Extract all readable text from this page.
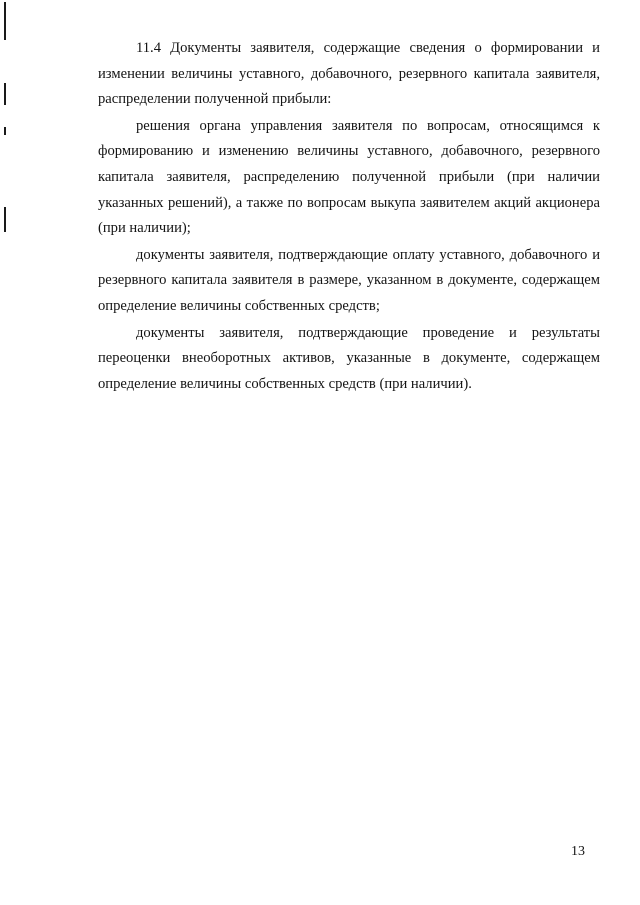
11.4 Документы заявителя, содержащие сведения о формировании и изменении величины уставного, добавочного, резервного капитала заявителя, распределении полученной прибыли:

решения органа управления заявителя по вопросам, относящимся к формированию и изменению величины уставного, добавочного, резервного капитала заявителя, распределению полученной прибыли (при наличии указанных решений), а также по вопросам выкупа заявителем акций акционера (при наличии);

документы заявителя, подтверждающие оплату уставного, добавочного и резервного капитала заявителя в размере, указанном в документе, содержащем определение величины собственных средств;

документы заявителя, подтверждающие проведение и результаты переоценки внеоборотных активов, указанные в документе, содержащем определение величины собственных средств (при наличии).

13
